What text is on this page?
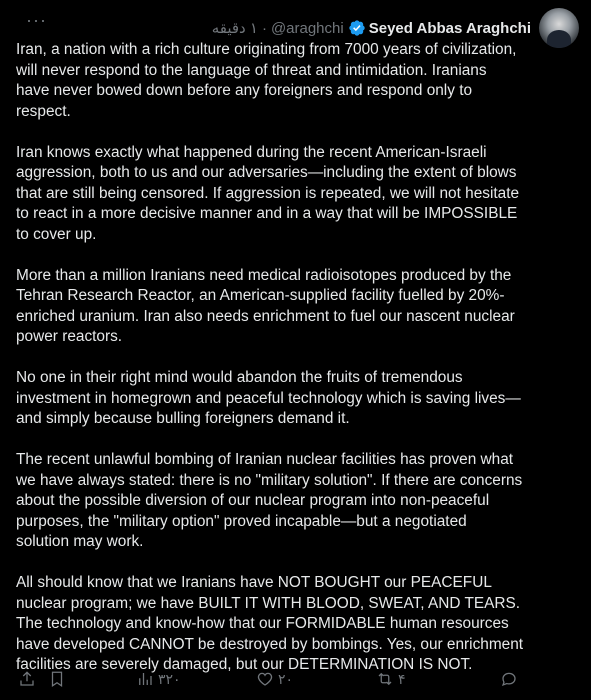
···	١ دقیقه · @araghchi Seyed Abbas Araghchi

Iran, a nation with a rich culture originating from 7000 years of civilization, will never respond to the language of threat and intimidation. Iranians have never bowed down before any foreigners and respond only to respect.

Iran knows exactly what happened during the recent American-Israeli aggression, both to us and our adversaries—including the extent of blows that are still being censored. If aggression is repeated, we will not hesitate to react in a more decisive manner and in a way that will be IMPOSSIBLE to cover up.

More than a million Iranians need medical radioisotopes produced by the Tehran Research Reactor, an American-supplied facility fuelled by 20%-enriched uranium. Iran also needs enrichment to fuel our nascent nuclear power reactors.

No one in their right mind would abandon the fruits of tremendous investment in homegrown and peaceful technology which is saving lives—and simply because bulling foreigners demand it.

The recent unlawful bombing of Iranian nuclear facilities has proven what we have always stated: there is no "military solution". If there are concerns about the possible diversion of our nuclear program into non-peaceful purposes, the "military option" proved incapable—but a negotiated solution may work.

All should know that we Iranians have NOT BOUGHT our PEACEFUL nuclear program; we have BUILT IT WITH BLOOD, SWEAT, AND TEARS. The technology and know-how that our FORMIDABLE human resources have developed CANNOT be destroyed by bombings. Yes, our enrichment facilities are severely damaged, but our DETERMINATION IS NOT.

۳۲۰	۲۰	۴
